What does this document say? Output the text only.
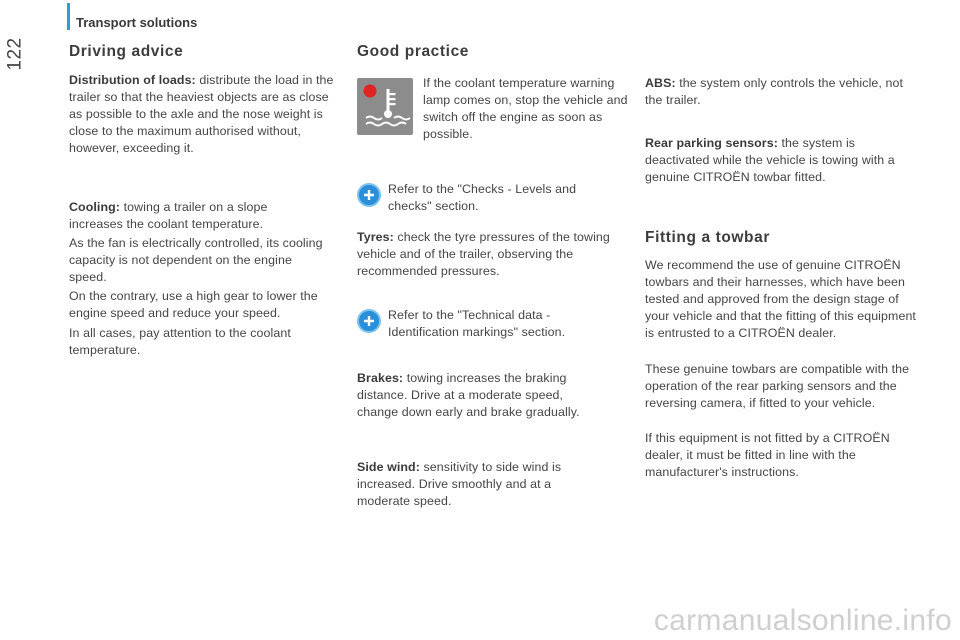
Transport solutions
122	Driving advice

Distribution of loads: distribute the load in the trailer so that the heaviest objects are as close as possible to the axle and the nose weight is close to the maximum authorised without, however, exceeding it.

Cooling: towing a trailer on a slope increases the coolant temperature.

As the fan is electrically controlled, its cooling capacity is not dependent on the engine speed.

On the contrary, use a high gear to lower the engine speed and reduce your speed.

In all cases, pay attention to the coolant temperature.

Good practice

If the coolant temperature warning lamp comes on, stop the vehicle and switch off the engine as soon as possible.

Refer to the "Checks - Levels and checks" section.

Tyres: check the tyre pressures of the towing vehicle and of the trailer, observing the recommended pressures.

Refer to the "Technical data - Identification markings" section.

Brakes: towing increases the braking distance. Drive at a moderate speed, change down early and brake gradually.

Side wind: sensitivity to side wind is increased. Drive smoothly and at a moderate speed.

ABS: the system only controls the vehicle, not the trailer.

Rear parking sensors: the system is deactivated while the vehicle is towing with a genuine CITROËN towbar fitted.

Fitting a towbar

We recommend the use of genuine CITROËN towbars and their harnesses, which have been tested and approved from the design stage of your vehicle and that the fitting of this equipment is entrusted to a CITROËN dealer.

These genuine towbars are compatible with the operation of the rear parking sensors and the reversing camera, if fitted to your vehicle.

If this equipment is not fitted by a CITROËN dealer, it must be fitted in line with the manufacturer's instructions.

carmanualsonline.info
